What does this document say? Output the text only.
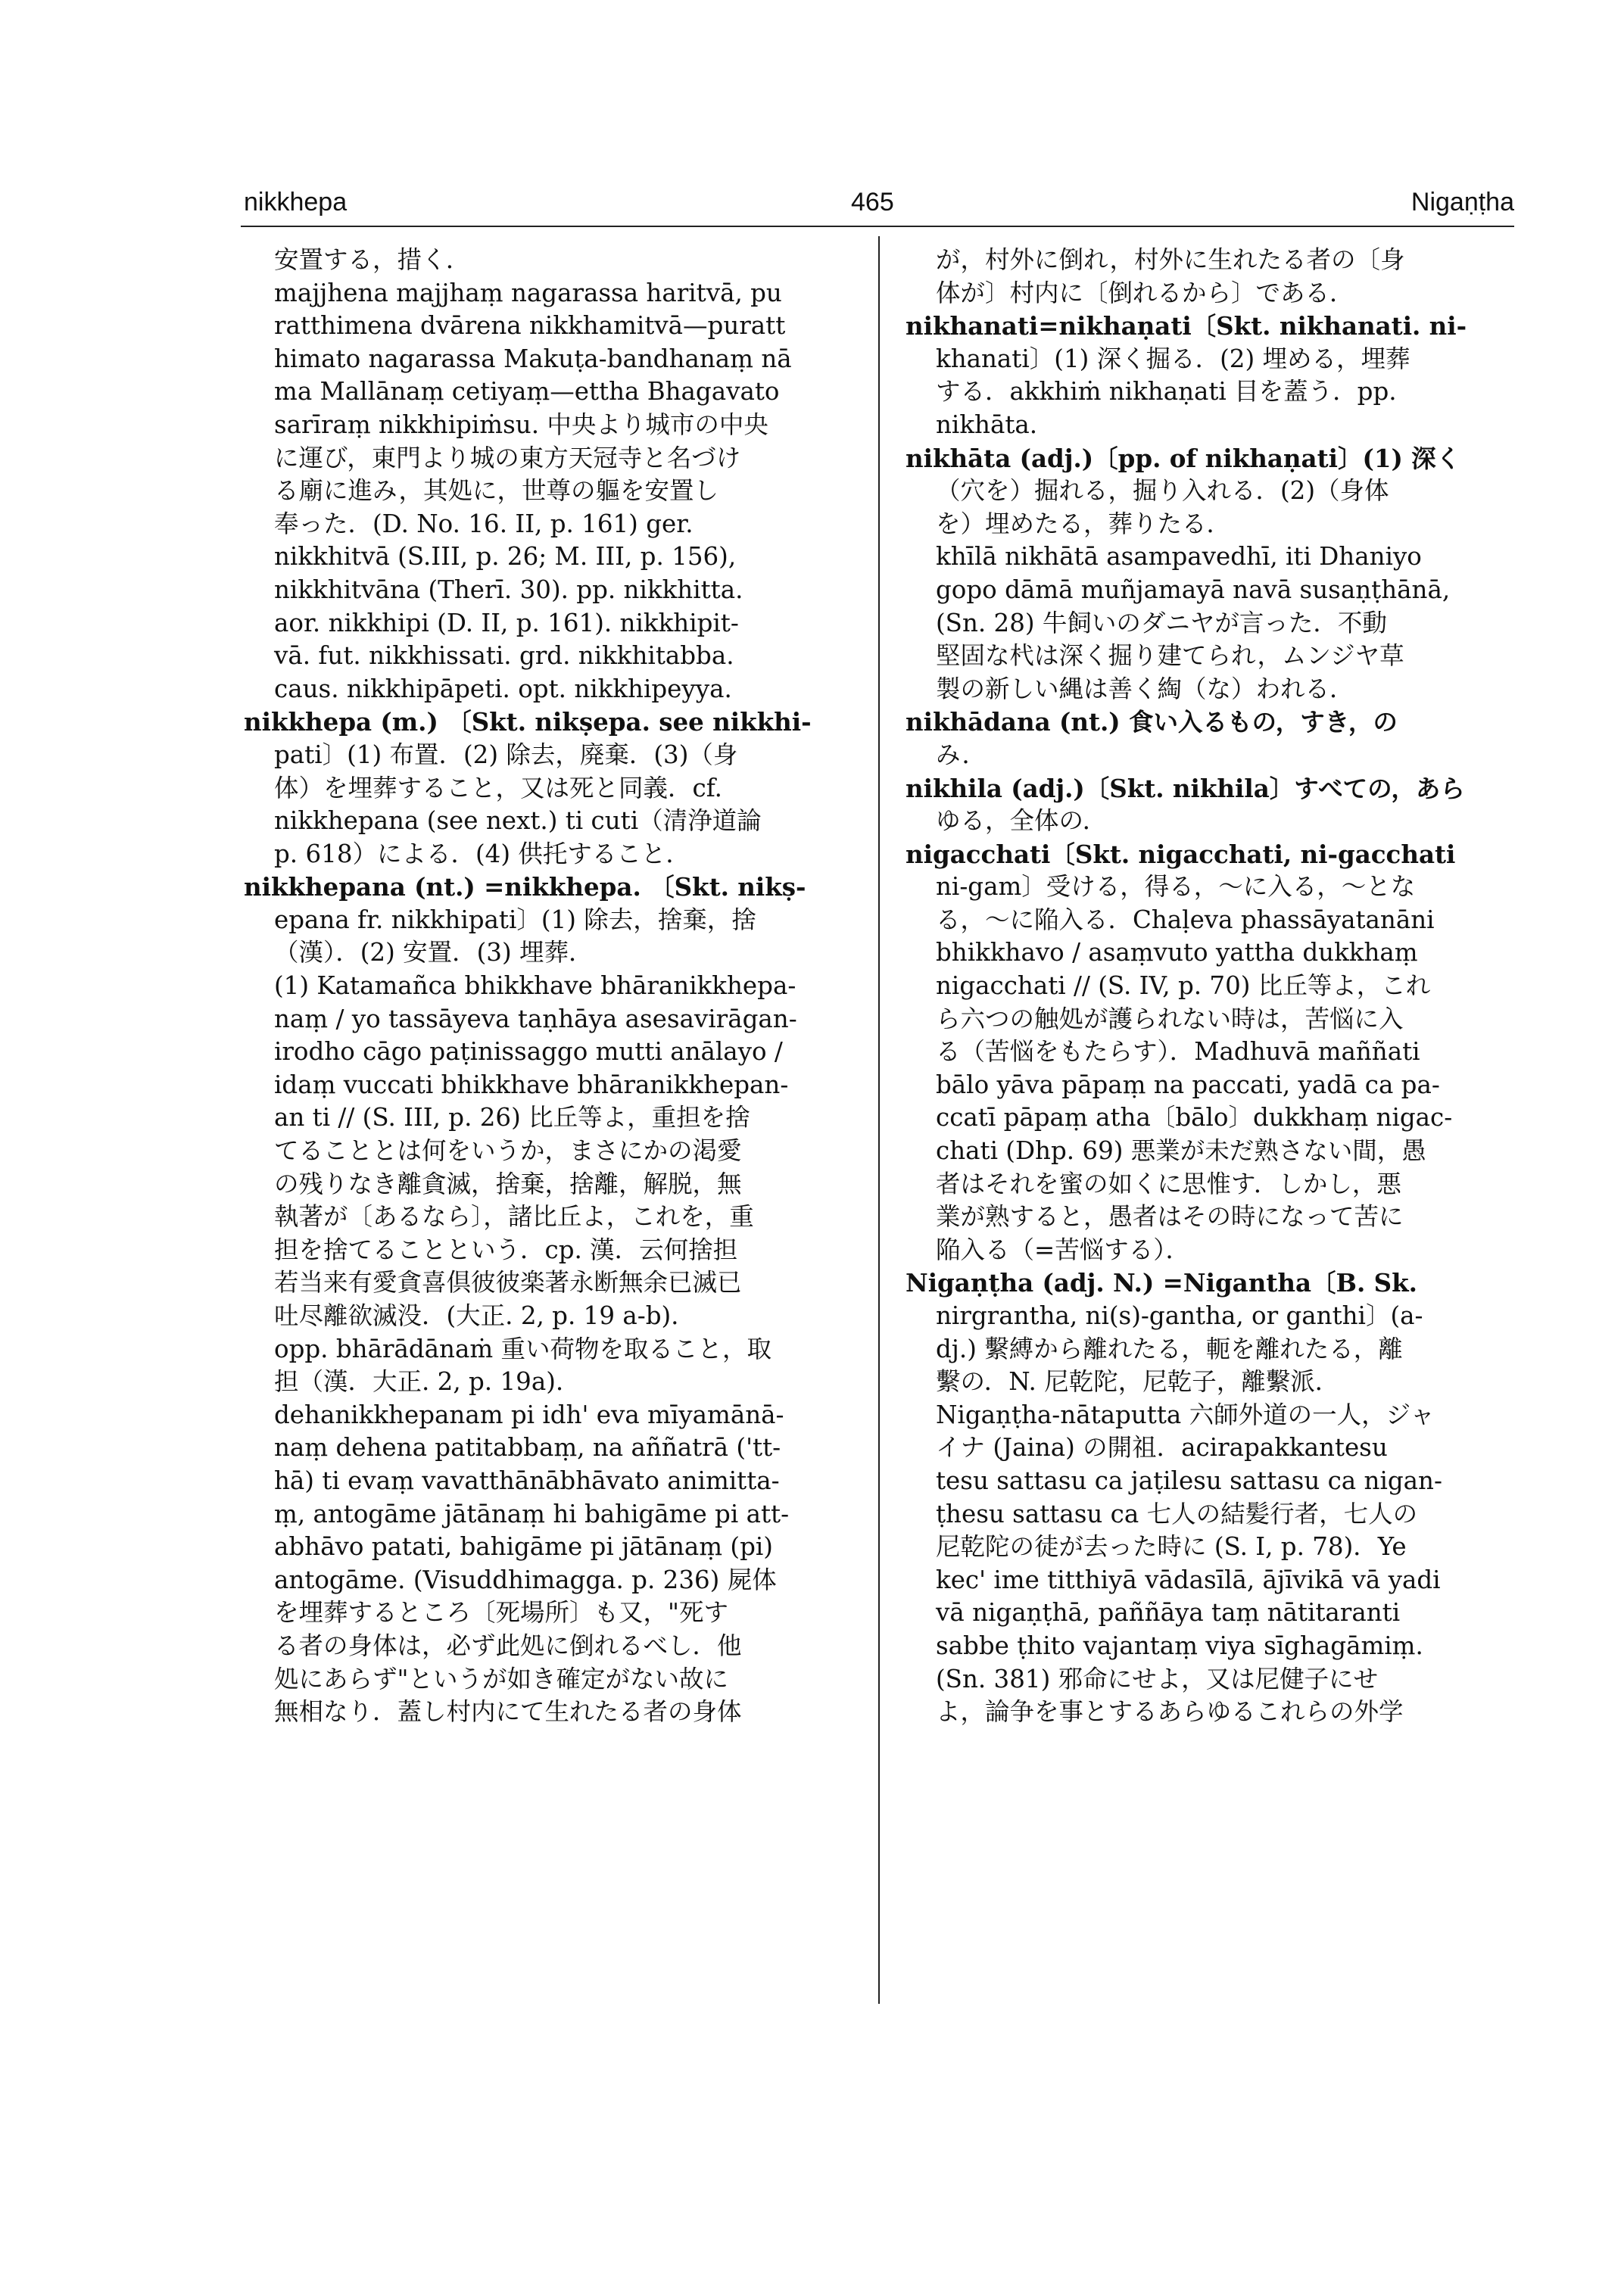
nikkhepa	465	Nigaṇṭha
安置する，措く．
majjhena majjhaṃ nagarassa haritvā, pu
ratthimena dvārena nikkhamitvā—puratt
himato nagarassa Makuṭa-bandhanaṃ nā
ma Mallānaṃ cetiyaṃ—ettha Bhagavato
sarīraṃ nikkhipiṁsu. 中央より城市の中央
に運び，東門より城の東方天冠寺と名づけ
る廟に進み，其処に，世尊の軀を安置し
奉った．(D. No. 16. II, p. 161) ger.
nikkhitvā (S.III, p. 26; M. III, p. 156),
nikkhitvāna (Therī. 30). pp. nikkhitta.
aor. nikkhipi (D. II, p. 161). nikkhipit-
vā. fut. nikkhissati. grd. nikkhitabba.
caus. nikkhipāpeti. opt. nikkhipeyya.
nikkhepa (m.) 〔Skt. nikṣepa. see nikkhi-
pati〕(1) 布置．(2) 除去，廃棄．(3)（身
体）を埋葬すること，又は死と同義．cf.
nikkhepana (see next.) ti cuti（清浄道論
p. 618）による．(4) 供托すること．
nikkhepana (nt.) =nikkhepa. 〔Skt. nikṣ-
epana fr. nikkhipati〕(1) 除去，捨棄，捨
（漢）．(2) 安置．(3) 埋葬．
(1) Katamañca bhikkhave bhāranikkhepa-
naṃ / yo tassāyeva taṇhāya asesavirāgan-
irodho cāgo paṭinissaggo mutti anālayo /
idaṃ vuccati bhikkhave bhāranikkhepan-
an ti // (S. III, p. 26) 比丘等よ，重担を捨
てることとは何をいうか，まさにかの渇愛
の残りなき離貪滅，捨棄，捨離，解脱，無
執著が〔あるなら〕，諸比丘よ，これを，重
担を捨てることという．cp. 漢．云何捨担
若当来有愛貪喜倶彼彼楽著永断無余已滅已
吐尽離欲滅没．(大正. 2, p. 19 a-b).
opp. bhārādānaṁ 重い荷物を取ること，取
担（漢．大正. 2, p. 19a).
dehanikkhepanam pi idh' eva mīyamānā-
naṃ dehena patitabbaṃ, na aññatrā ('tt-
hā) ti evaṃ vavatthānābhāvato animitta-
ṃ, antogāme jātānaṃ hi bahigāme pi att-
abhāvo patati, bahigāme pi jātānaṃ (pi)
antogāme. (Visuddhimagga. p. 236) 屍体
を埋葬するところ〔死場所〕も又，"死す
る者の身体は，必ず此処に倒れるべし．他
処にあらず"というが如き確定がない故に
無相なり．蓋し村内にて生れたる者の身体
が，村外に倒れ，村外に生れたる者の〔身
体が〕村内に〔倒れるから〕である．
nikhanati=nikhaṇati〔Skt. nikhanati. ni-
khanati〕(1) 深く掘る．(2) 埋める，埋葬
する．akkhiṁ nikhaṇati 目を蓋う．pp.
nikhāta.
nikhāta (adj.)〔pp. of nikhaṇati〕(1) 深く
（穴を）掘れる，掘り入れる．(2)（身体
を）埋めたる，葬りたる．
khīlā nikhātā asampavedhī, iti Dhaniyo
gopo dāmā muñjamayā navā susaṇṭhānā,
(Sn. 28) 牛飼いのダニヤが言った．不動
堅固な杙は深く掘り建てられ，ムンジヤ草
製の新しい縄は善く綯（な）われる．
nikhādana (nt.) 食い入るもの，すき，の
み．
nikhila (adj.)〔Skt. nikhila〕すべての，あら
ゆる，全体の．
nigacchati〔Skt. nigacchati, ni-gacchati
ni-gam〕受ける，得る，〜に入る，〜とな
る，〜に陥入る．Chaḷeva phassāyatanāni
bhikkhavo / asaṃvuto yattha dukkhaṃ
nigacchati // (S. IV, p. 70) 比丘等よ，これ
ら六つの触処が護られない時は，苦悩に入
る（苦悩をもたらす）．Madhuvā maññati
bālo yāva pāpaṃ na paccati, yadā ca pa-
ccatī pāpaṃ atha〔bālo〕dukkhaṃ nigac-
chati (Dhp. 69) 悪業が未だ熟さない間，愚
者はそれを蜜の如くに思惟す．しかし，悪
業が熟すると，愚者はその時になって苦に
陥入る（=苦悩する）．
Nigaṇṭha (adj. N.) =Nigantha〔B. Sk.
nirgrantha, ni(s)-gantha, or ganthi〕(a-
dj.) 繫縛から離れたる，軛を離れたる，離
繫の．N. 尼乾陀，尼乾子，離繫派．
Nigaṇṭha-nātaputta 六師外道の一人，ジャ
イナ (Jaina) の開祖．acirapakkantesu
tesu sattasu ca jaṭilesu sattasu ca nigan-
ṭhesu sattasu ca 七人の結髪行者，七人の
尼乾陀の徒が去った時に (S. I, p. 78)．Ye
kec' ime titthiyā vādasīlā, ājīvikā vā yadi
vā nigaṇṭhā, paññāya taṃ nātitaranti
sabbe ṭhito vajantaṃ viya sīghagāmiṃ.
(Sn. 381) 邪命にせよ，又は尼健子にせ
よ，論争を事とするあらゆるこれらの外学
